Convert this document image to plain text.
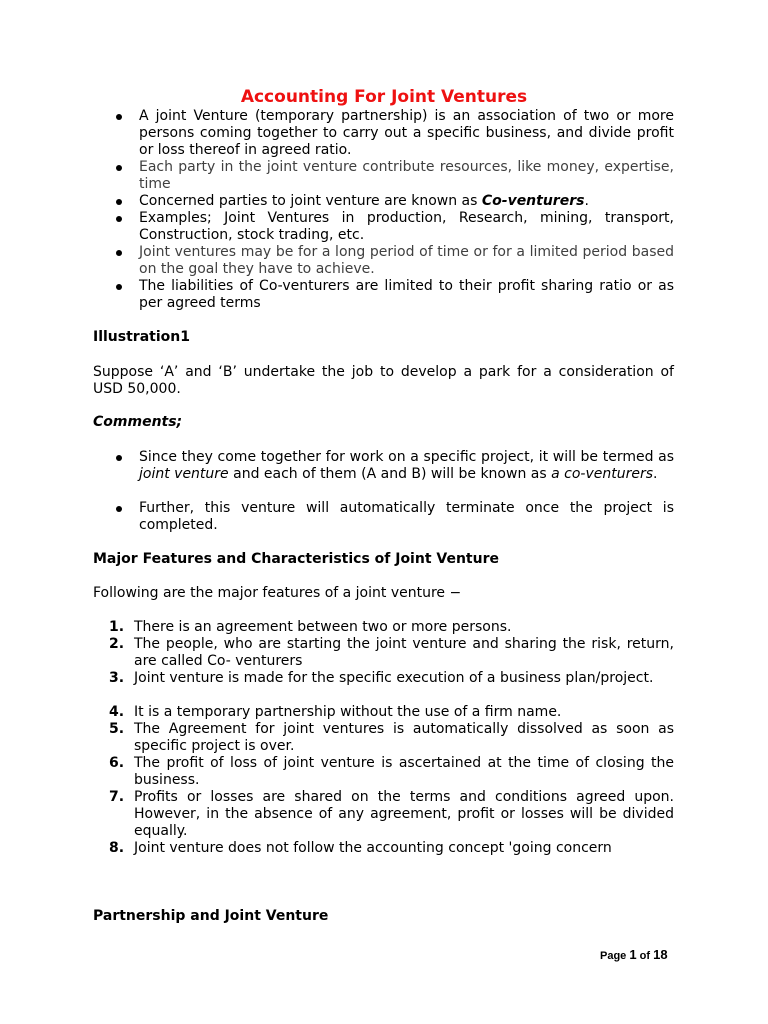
Accounting For Joint Ventures
A joint Venture (temporary partnership) is an association of two or more persons coming together to carry out a specific business, and divide profit or loss thereof in agreed ratio.
Each party in the joint venture contribute resources, like money, expertise, time
Concerned parties to joint venture are known as Co-venturers.
Examples; Joint Ventures in production, Research, mining, transport, Construction, stock trading, etc.
Joint ventures may be for a long period of time or for a limited period based on the goal they have to achieve.
The liabilities of Co-venturers are limited to their profit sharing ratio or as per agreed terms
Illustration1
Suppose ‘A’ and ‘B’ undertake the job to develop a park for a consideration of USD 50,000.
Comments;
Since they come together for work on a specific project, it will be termed as joint venture and each of them (A and B) will be known as a co-venturers.
Further, this venture will automatically terminate once the project is completed.
Major Features and Characteristics of Joint Venture
Following are the major features of a joint venture −
1. There is an agreement between two or more persons.
2. The people, who are starting the joint venture and sharing the risk, return, are called Co- venturers
3. Joint venture is made for the specific execution of a business plan/project.
4. It is a temporary partnership without the use of a firm name.
5. The Agreement for joint ventures is automatically dissolved as soon as specific project is over.
6. The profit of loss of joint venture is ascertained at the time of closing the business.
7. Profits or losses are shared on the terms and conditions agreed upon. However, in the absence of any agreement, profit or losses will be divided equally.
8. Joint venture does not follow the accounting concept 'going concern
Partnership and Joint Venture
Page 1 of 18
